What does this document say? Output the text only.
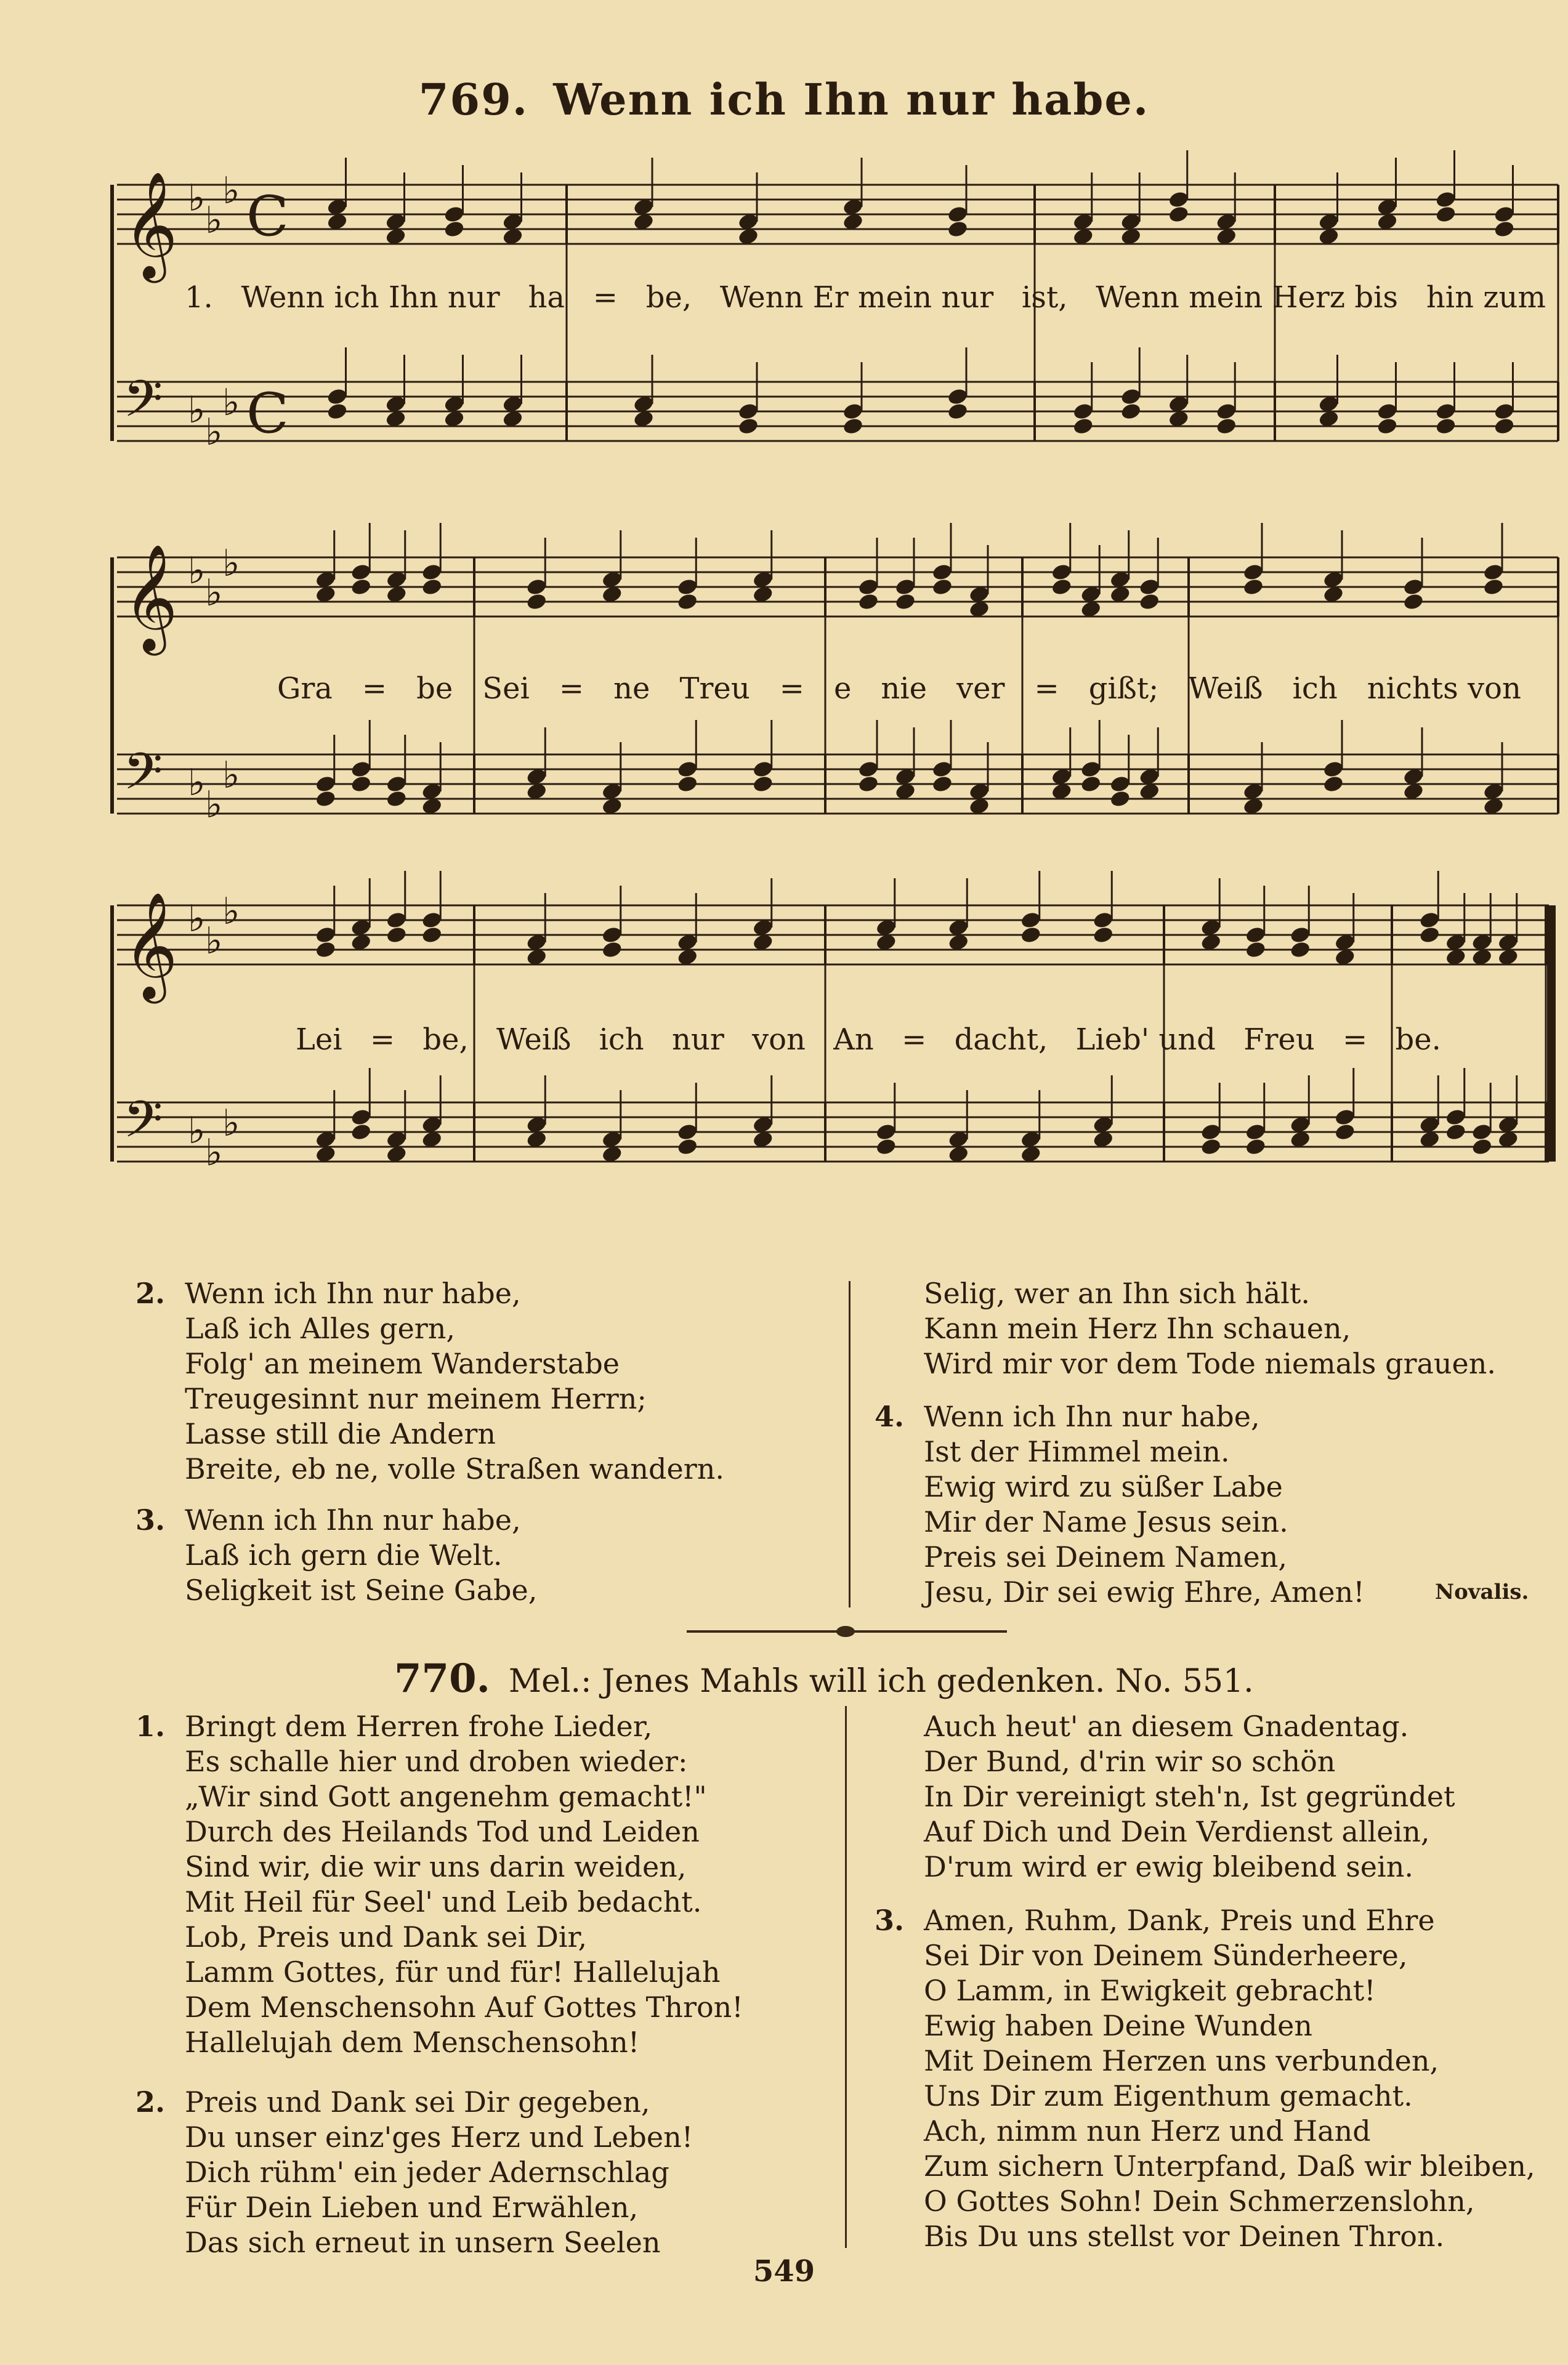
769. Wenn ich Ihn nur habe.
𝄞 ♭
♭
♭ C
𝄢 ♭
♭
♭ C
𝄞 ♭
♭
♭
𝄢 ♭
♭
♭
𝄞 ♭
♭
♭
𝄢 ♭
♭
♭
1. Wenn ich Ihn nur ha = be, Wenn Er mein nur ist, Wenn mein Herz bis hin zum
Gra = be Sei = ne Treu = e nie ver = gißt; Weiß ich nichts von
Lei = be, Weiß ich nur von An = dacht, Lieb' und Freu = be.
2. Wenn ich Ihn nur habe,
Laß ich Alles gern,
Folg' an meinem Wanderstabe
Treugesinnt nur meinem Herrn;
Lasse still die Andern
Breite, eb ne, volle Straßen wandern.
3. Wenn ich Ihn nur habe,
Laß ich gern die Welt.
Seligkeit ist Seine Gabe,
Selig, wer an Ihn sich hält.
Kann mein Herz Ihn schauen,
Wird mir vor dem Tode niemals grauen.
4. Wenn ich Ihn nur habe,
Ist der Himmel mein.
Ewig wird zu süßer Labe
Mir der Name Jesus sein.
Preis sei Deinem Namen,
Jesu, Dir sei ewig Ehre, Amen!	Novalis.
770. Mel.: Jenes Mahls will ich gedenken. No. 551.
1. Bringt dem Herren frohe Lieder,
Es schalle hier und droben wieder:
„Wir sind Gott angenehm gemacht!"
Durch des Heilands Tod und Leiden
Sind wir, die wir uns darin weiden,
Mit Heil für Seel' und Leib bedacht.
Lob, Preis und Dank sei Dir,
Lamm Gottes, für und für! Hallelujah
Dem Menschensohn Auf Gottes Thron!
Hallelujah dem Menschensohn!
2. Preis und Dank sei Dir gegeben,
Du unser einz'ges Herz und Leben!
Dich rühm' ein jeder Adernschlag
Für Dein Lieben und Erwählen,
Das sich erneut in unsern Seelen
Auch heut' an diesem Gnadentag.
Der Bund, d'rin wir so schön
In Dir vereinigt steh'n, Ist gegründet
Auf Dich und Dein Verdienst allein,
D'rum wird er ewig bleibend sein.
3. Amen, Ruhm, Dank, Preis und Ehre
Sei Dir von Deinem Sünderheere,
O Lamm, in Ewigkeit gebracht!
Ewig haben Deine Wunden
Mit Deinem Herzen uns verbunden,
Uns Dir zum Eigenthum gemacht.
Ach, nimm nun Herz und Hand
Zum sichern Unterpfand, Daß wir bleiben,
O Gottes Sohn! Dein Schmerzenslohn,
Bis Du uns stellst vor Deinen Thron.
549
